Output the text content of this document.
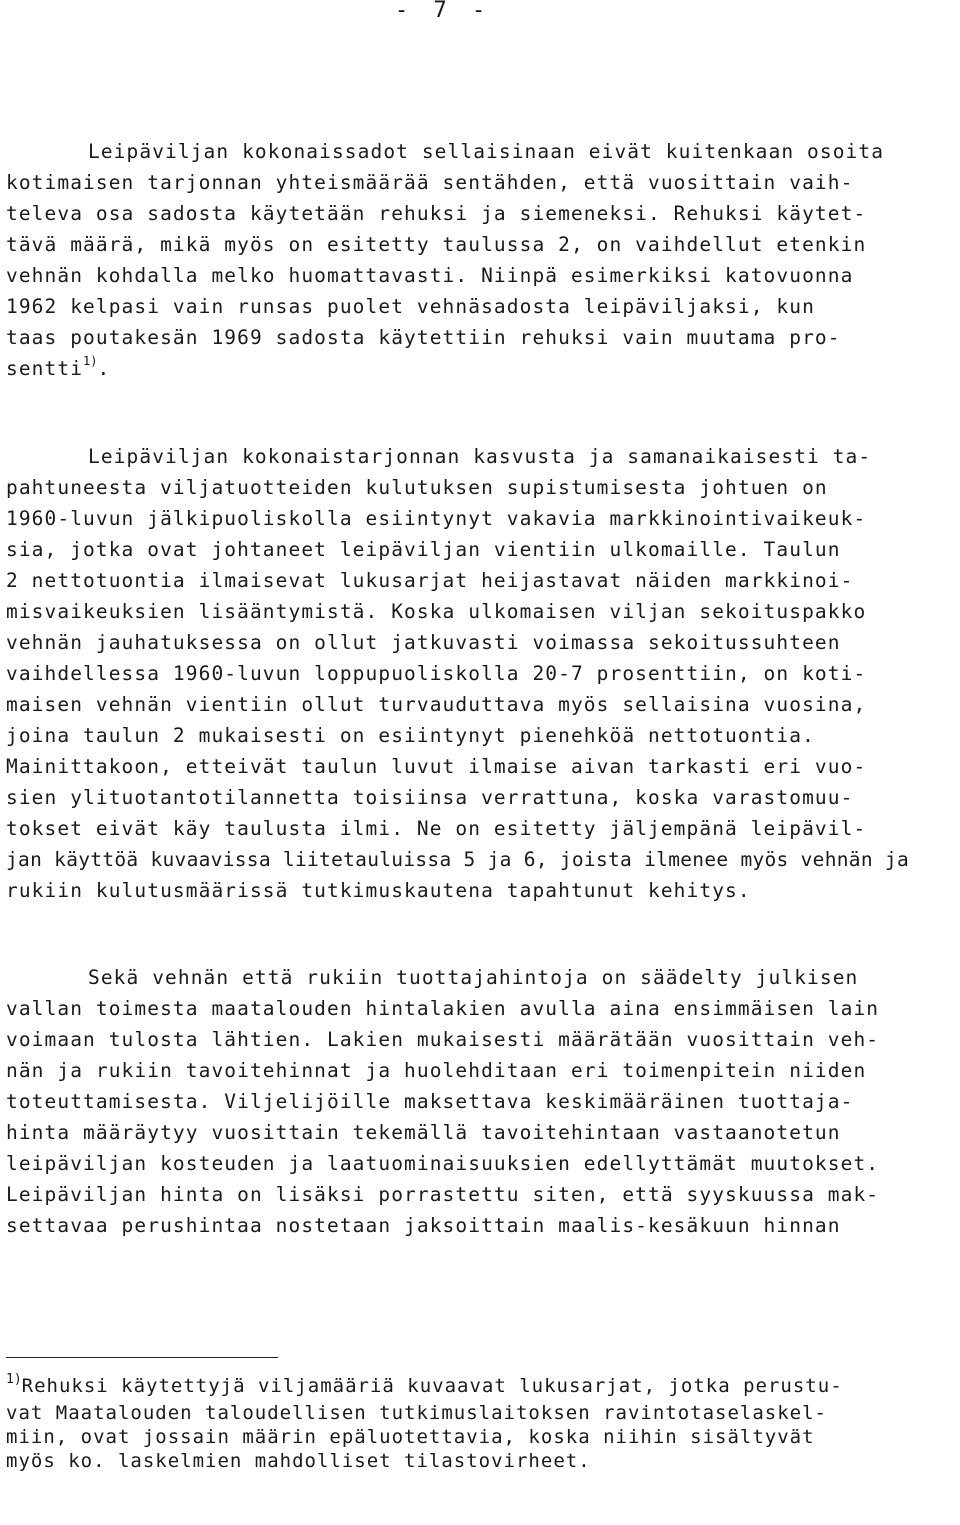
- 7 -
Leipäviljan kokonaissadot sellaisinaan eivät kuitenkaan osoita
kotimaisen tarjonnan yhteismäärää sentähden, että vuosittain vaih-
televa osa sadosta käytetään rehuksi ja siemeneksi. Rehuksi käytet-
tävä määrä, mikä myös on esitetty taulussa 2, on vaihdellut etenkin
vehnän kohdalla melko huomattavasti. Niinpä esimerkiksi katovuonna
1962 kelpasi vain runsas puolet vehnäsadosta leipäviljaksi, kun
taas poutakesän 1969 sadosta käytettiin rehuksi vain muutama pro-
sentti$^{1)}$.
Leipäviljan kokonaistarjonnan kasvusta ja samanaikaisesti ta-
pahtuneesta viljatuotteiden kulutuksen supistumisesta johtuen on
1960-luvun jälkipuoliskolla esiintynyt vakavia markkinointivaikeuk-
sia, jotka ovat johtaneet leipäviljan vientiin ulkomaille. Taulun
2 nettotuontia ilmaisevat lukusarjat heijastavat näiden markkinoi-
misvaikeuksien lisääntymistä. Koska ulkomaisen viljan sekoituspakko
vehnän jauhatuksessa on ollut jatkuvasti voimassa sekoitussuhteen
vaihdellessa 1960-luvun loppupuoliskolla 20-7 prosenttiin, on koti-
maisen vehnän vientiin ollut turvauduttava myös sellaisina vuosina,
joina taulun 2 mukaisesti on esiintynyt pienehköä nettotuontia.
Mainittakoon, etteivät taulun luvut ilmaise aivan tarkasti eri vuo-
sien ylituotantotilannetta toisiinsa verrattuna, koska varastomuu-
tokset eivät käy taulusta ilmi. Ne on esitetty jäljempänä leipävil-
jan käyttöä kuvaavissa liitetauluissa 5 ja 6, joista ilmenee myös vehnän ja
rukiin kulutusmäärissä tutkimuskautena tapahtunut kehitys.
Sekä vehnän että rukiin tuottajahintoja on säädelty julkisen
vallan toimesta maatalouden hintalakien avulla aina ensimmäisen lain
voimaan tulosta lähtien. Lakien mukaisesti määrätään vuosittain veh-
nän ja rukiin tavoitehinnat ja huolehditaan eri toimenpitein niiden
toteuttamisesta. Viljelijöille maksettava keskimääräinen tuottaja-
hinta määräytyy vuosittain tekemällä tavoitehintaan vastaanotetun
leipäviljan kosteuden ja laatuominaisuuksien edellyttämät muutokset.
Leipäviljan hinta on lisäksi porrastettu siten, että syyskuussa mak-
settavaa perushintaa nostetaan jaksoittain maalis-kesäkuun hinnan
$^{1)}$Rehuksi käytettyjä viljamääriä kuvaavat lukusarjat, jotka perustu-
vat Maatalouden taloudellisen tutkimuslaitoksen ravintotaselaskel-
miin, ovat jossain määrin epäluotettavia, koska niihin sisältyvät
myös ko. laskelmien mahdolliset tilastovirheet.
